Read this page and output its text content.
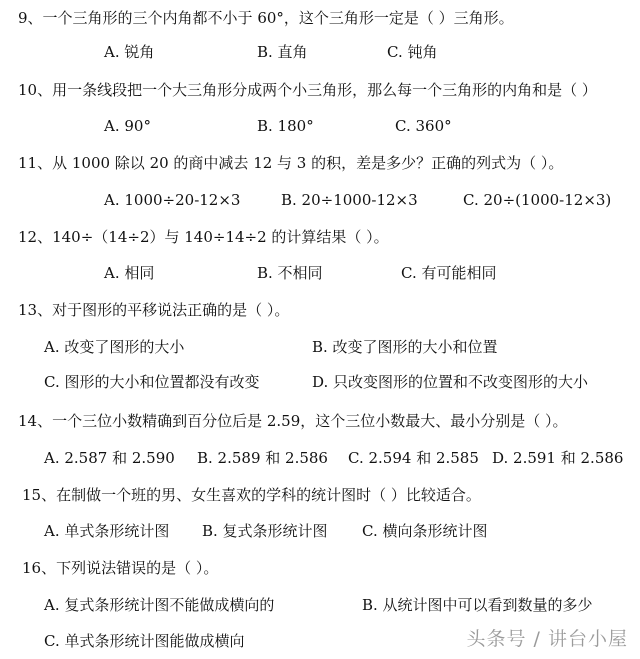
9、一个三角形的三个内角都不小于 60°，这个三角形一定是（ ）三角形。
A. 锐角	B. 直角	C. 钝角
10、用一条线段把一个大三角形分成两个小三角形，那么每一个三角形的内角和是（ ）
A. 90°	B. 180°	C. 360°
11、从 1000 除以 20 的商中减去 12 与 3 的积，差是多少？正确的列式为（ ）。
A. 1000÷20-12×3	B. 20÷1000-12×3	C. 20÷(1000-12×3)
12、140÷（14÷2）与 140÷14÷2 的计算结果（ ）。
A. 相同	B. 不相同	C. 有可能相同
13、对于图形的平移说法正确的是（ ）。
A. 改变了图形的大小	B. 改变了图形的大小和位置
C. 图形的大小和位置都没有改变	D. 只改变图形的位置和不改变图形的大小
14、一个三位小数精确到百分位后是 2.59，这个三位小数最大、最小分别是（ ）。
A. 2.587 和 2.590 B. 2.589 和 2.586 C. 2.594 和 2.585 D. 2.591 和 2.586
15、在制做一个班的男、女生喜欢的学科的统计图时（ ）比较适合。
A. 单式条形统计图 B. 复式条形统计图 C. 横向条形统计图
16、下列说法错误的是（ ）。
A. 复式条形统计图不能做成横向的	B. 从统计图中可以看到数量的多少
C. 单式条形统计图能做成横向	头条号 / 讲台小屋
